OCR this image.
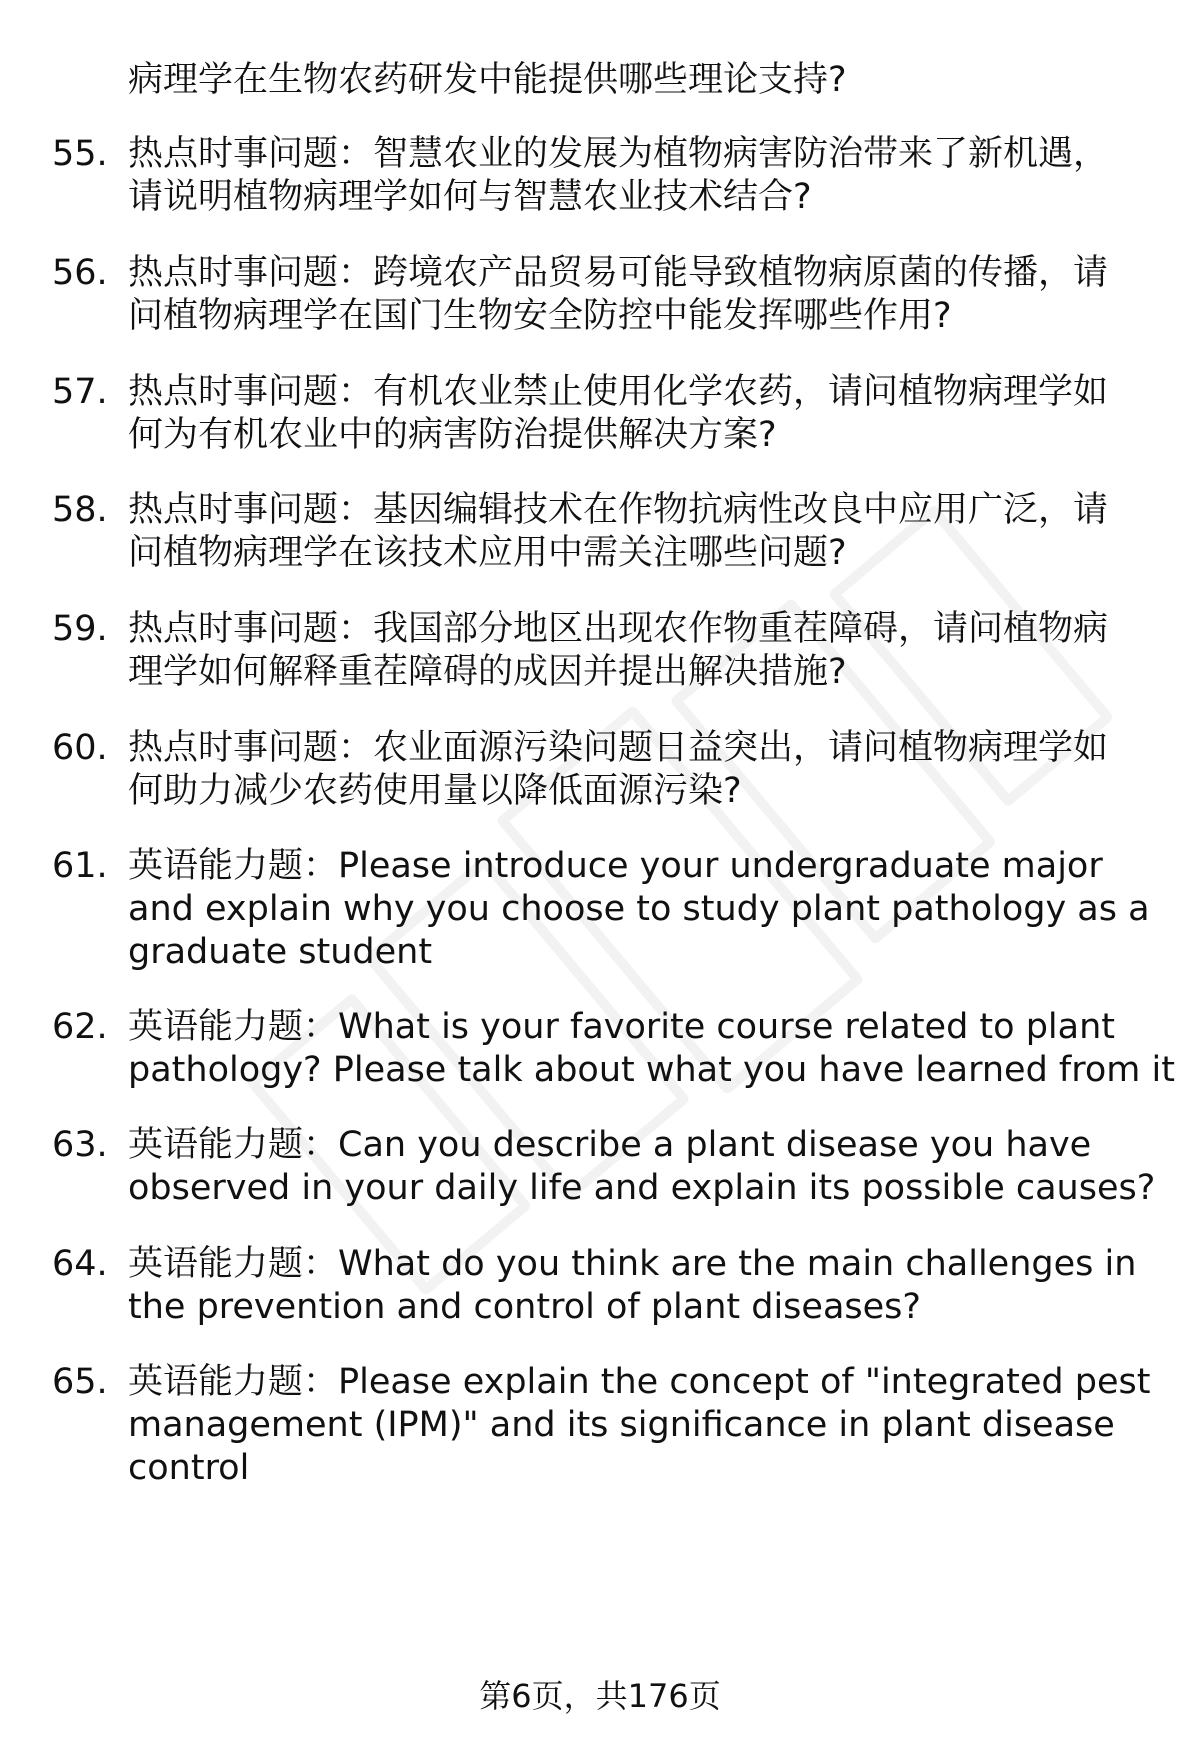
病理学在生物农药研发中能提供哪些理论支持?
55. 热点时事问题：智慧农业的发展为植物病害防治带来了新机遇，
请说明植物病理学如何与智慧农业技术结合?
56. 热点时事问题：跨境农产品贸易可能导致植物病原菌的传播，请
问植物病理学在国门生物安全防控中能发挥哪些作用?
57. 热点时事问题：有机农业禁止使用化学农药，请问植物病理学如
何为有机农业中的病害防治提供解决方案?
58. 热点时事问题：基因编辑技术在作物抗病性改良中应用广泛，请
问植物病理学在该技术应用中需关注哪些问题?
59. 热点时事问题：我国部分地区出现农作物重茬障碍，请问植物病
理学如何解释重茬障碍的成因并提出解决措施?
60. 热点时事问题：农业面源污染问题日益突出，请问植物病理学如
何助力减少农药使用量以降低面源污染?
61. 英语能力题：Please introduce your undergraduate major
and explain why you choose to study plant pathology as a
graduate student
62. 英语能力题：What is your favorite course related to plant
pathology? Please talk about what you have learned from it
63. 英语能力题：Can you describe a plant disease you have
observed in your daily life and explain its possible causes?
64. 英语能力题：What do you think are the main challenges in
the prevention and control of plant diseases?
65. 英语能力题：Please explain the concept of "integrated pest
management (IPM)" and its significance in plant disease
control
第6页，共176页
